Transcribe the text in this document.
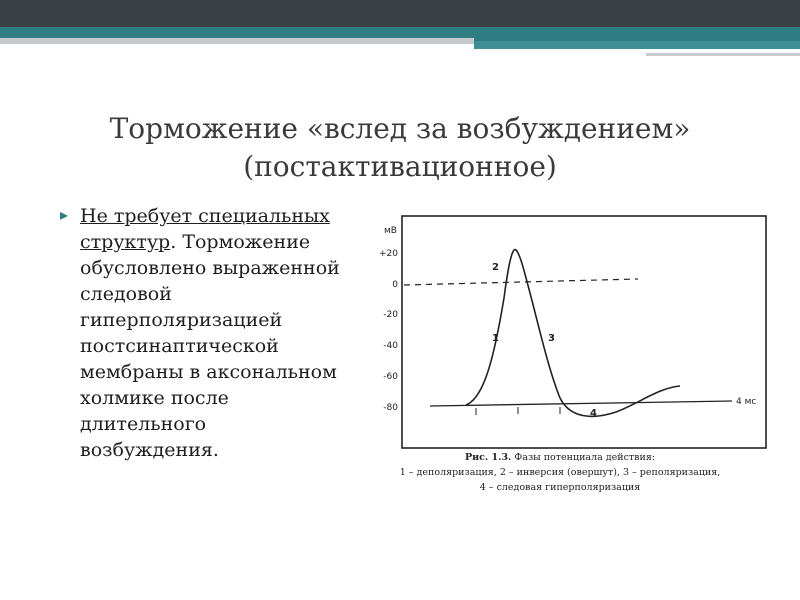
Торможение «вслед за возбуждением»
(постактивационное)
▸ Не требует специальных
структур. Торможение
обусловлено выраженной
следовой
гиперполяризацией
постсинаптической
мембраны в аксональном
холмике после
длительного
возбуждения.
мВ
+20
0
-20
-40
-60
-80
4 мс
1
2
3
4
Рис. 1.3. Фазы потенциала действия:
1 – деполяризация, 2 – инверсия (овершут), 3 – реполяризация,
4 – следовая гиперполяризация
